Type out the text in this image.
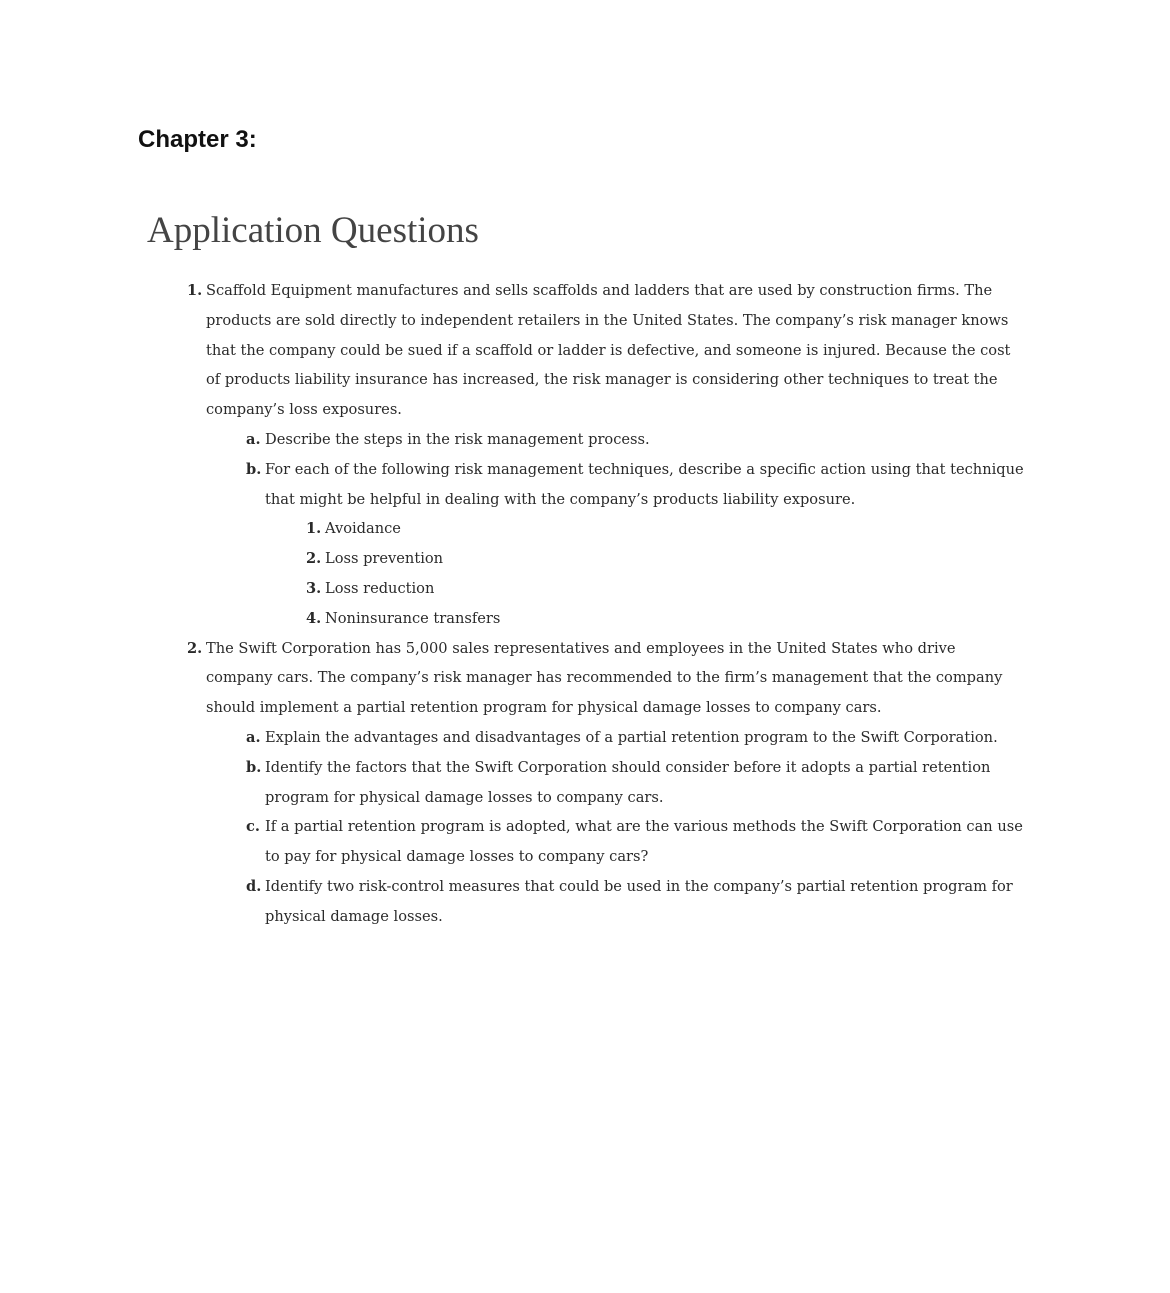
Chapter 3:
Application Questions
1. Scaffold Equipment manufactures and sells scaffolds and ladders that are used by construction firms. The products are sold directly to independent retailers in the United States. The company’s risk manager knows that the company could be sued if a scaffold or ladder is defective, and someone is injured. Because the cost of products liability insurance has increased, the risk manager is considering other techniques to treat the company’s loss exposures.
a. Describe the steps in the risk management process.
b. For each of the following risk management techniques, describe a specific action using that technique that might be helpful in dealing with the company’s products liability exposure.
1. Avoidance
2. Loss prevention
3. Loss reduction
4. Noninsurance transfers
2. The Swift Corporation has 5,000 sales representatives and employees in the United States who drive company cars. The company’s risk manager has recommended to the firm’s management that the company should implement a partial retention program for physical damage losses to company cars.
a. Explain the advantages and disadvantages of a partial retention program to the Swift Corporation.
b. Identify the factors that the Swift Corporation should consider before it adopts a partial retention program for physical damage losses to company cars.
c. If a partial retention program is adopted, what are the various methods the Swift Corporation can use to pay for physical damage losses to company cars?
d. Identify two risk-control measures that could be used in the company’s partial retention program for physical damage losses.
